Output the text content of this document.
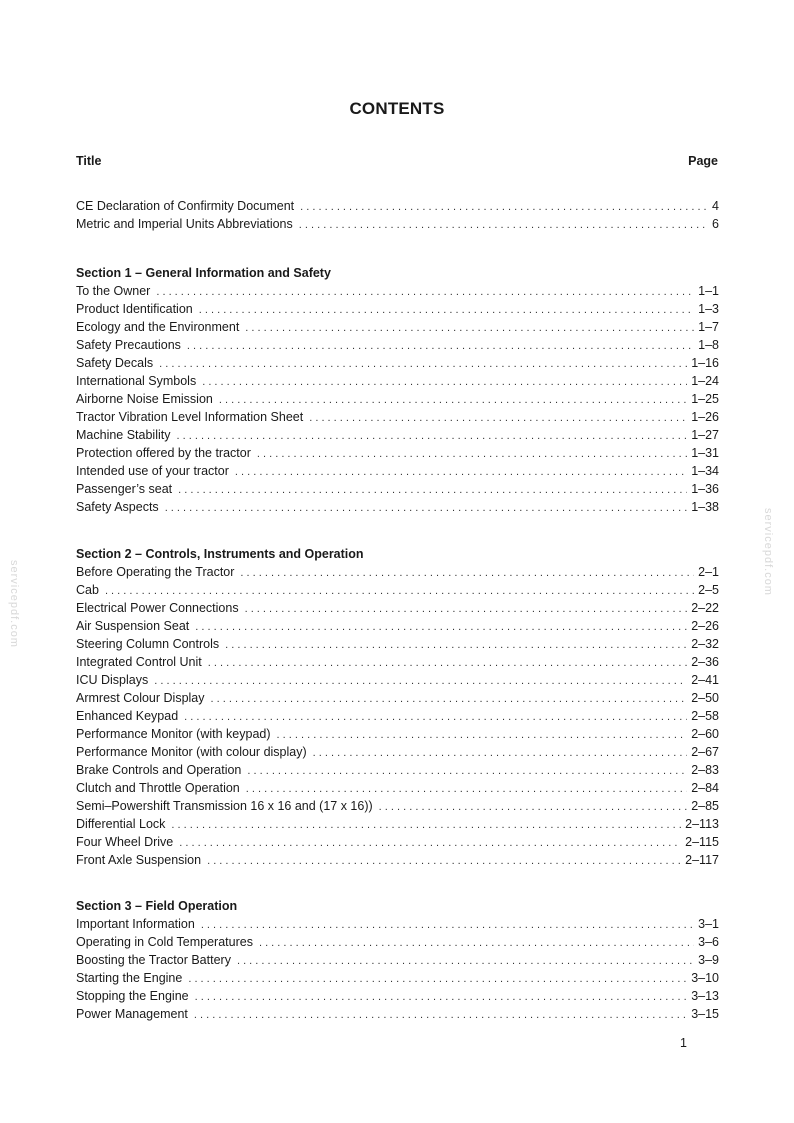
CONTENTS
Title	Page
CE Declaration of Confirmity Document . . .	4
Metric and Imperial Units Abbreviations . . .	6
Section 1 – General Information and Safety
To the Owner . . .	1–1
Product Identification . . .	1–3
Ecology and the Environment . . .	1–7
Safety Precautions . . .	1–8
Safety Decals . . .	1–16
International Symbols . . .	1–24
Airborne Noise Emission . . .	1–25
Tractor Vibration Level Information Sheet . . .	1–26
Machine Stability . . .	1–27
Protection offered by the tractor . . .	1–31
Intended use of your tractor . . .	1–34
Passenger’s seat . . .	1–36
Safety Aspects . . .	1–38
Section 2 – Controls, Instruments and Operation
Before Operating the Tractor . . .	2–1
Cab . . .	2–5
Electrical Power Connections . . .	2–22
Air Suspension Seat . . .	2–26
Steering Column Controls . . .	2–32
Integrated Control Unit . . .	2–36
ICU Displays . . .	2–41
Armrest Colour Display . . .	2–50
Enhanced Keypad . . .	2–58
Performance Monitor (with keypad) . . .	2–60
Performance Monitor (with colour display) . . .	2–67
Brake Controls and Operation . . .	2–83
Clutch and Throttle Operation . . .	2–84
Semi–Powershift Transmission 16 x 16 and (17 x 16)) . . .	2–85
Differential Lock . . .	2–113
Four Wheel Drive . . .	2–115
Front Axle Suspension . . .	2–117
Section 3 – Field Operation
Important Information . . .	3–1
Operating in Cold Temperatures . . .	3–6
Boosting the Tractor Battery . . .	3–9
Starting the Engine . . .	3–10
Stopping the Engine . . .	3–13
Power Management . . .	3–15
servicepdf.com
servicepdf.com
1
